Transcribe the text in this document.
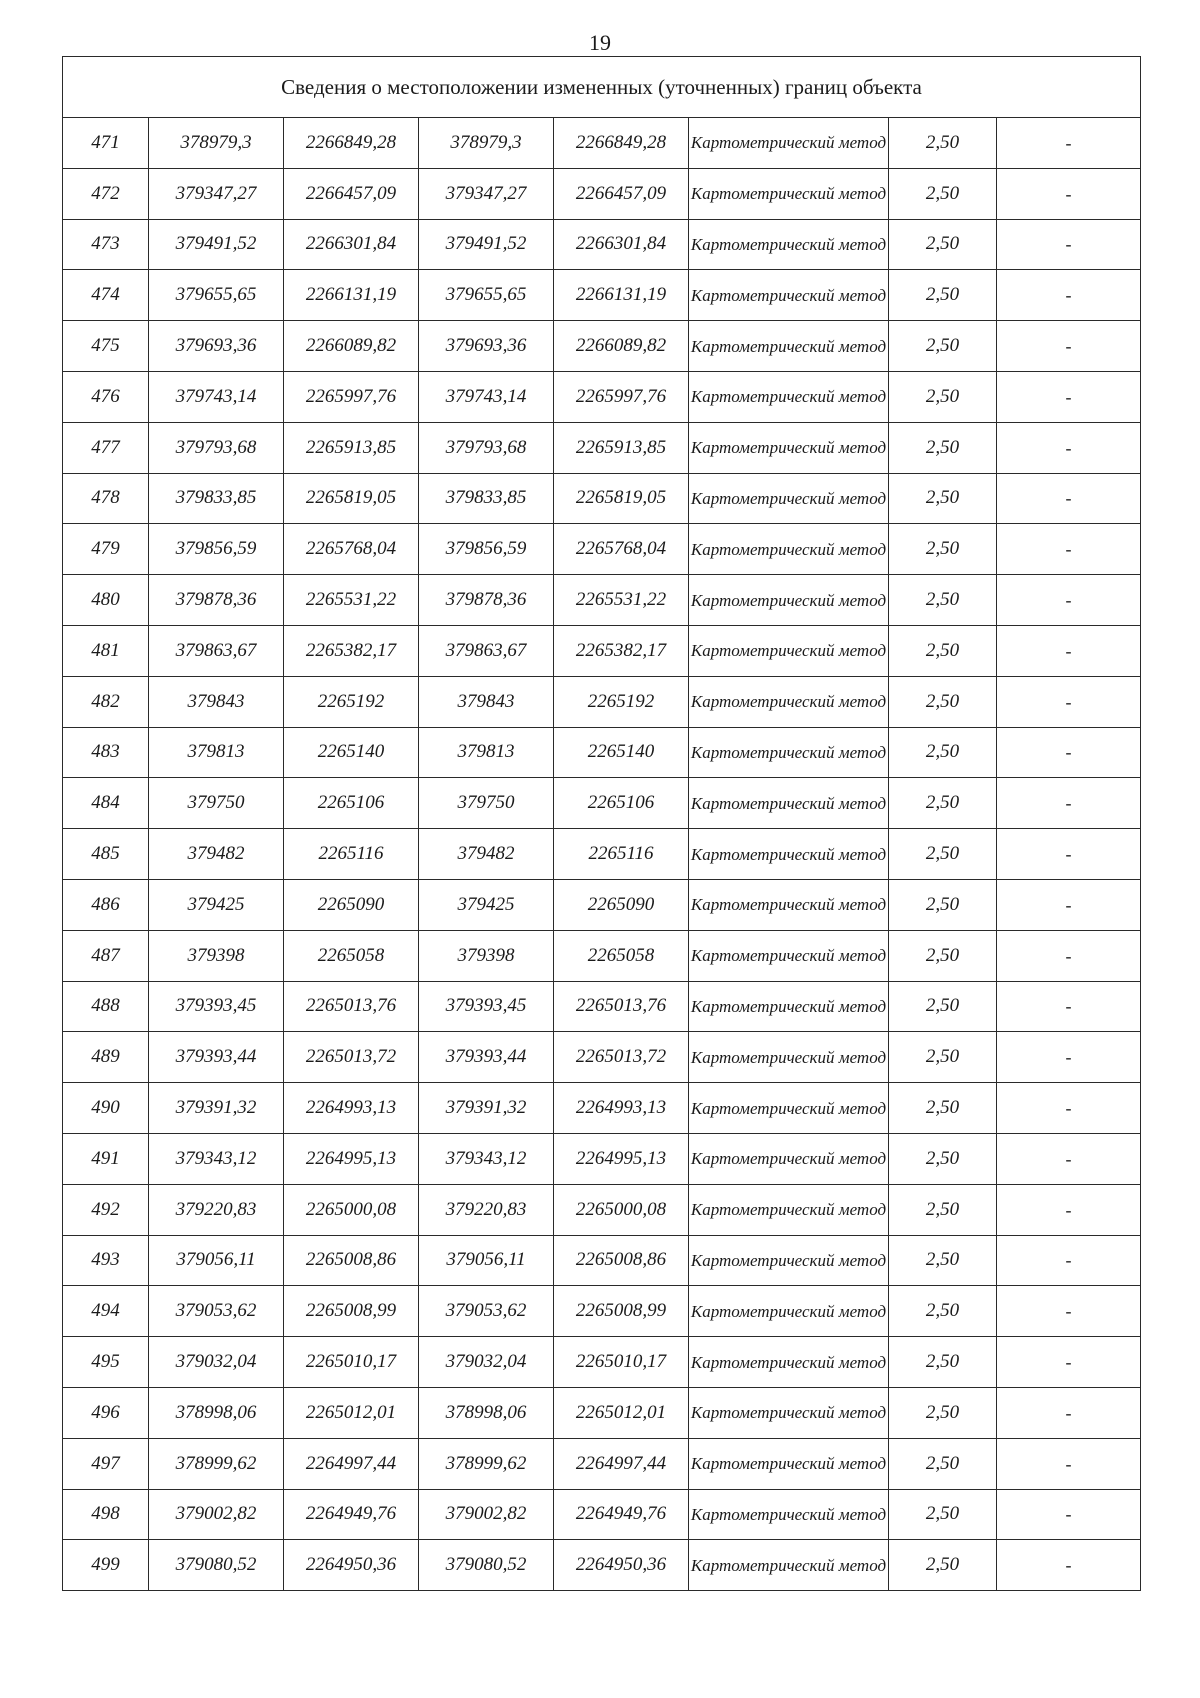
19
Сведения о местоположении измененных (уточненных) границ объекта							
471	378979,3	2266849,28	378979,3	2266849,28	Картометрический метод	2,50	-
472	379347,27	2266457,09	379347,27	2266457,09	Картометрический метод	2,50	-
473	379491,52	2266301,84	379491,52	2266301,84	Картометрический метод	2,50	-
474	379655,65	2266131,19	379655,65	2266131,19	Картометрический метод	2,50	-
475	379693,36	2266089,82	379693,36	2266089,82	Картометрический метод	2,50	-
476	379743,14	2265997,76	379743,14	2265997,76	Картометрический метод	2,50	-
477	379793,68	2265913,85	379793,68	2265913,85	Картометрический метод	2,50	-
478	379833,85	2265819,05	379833,85	2265819,05	Картометрический метод	2,50	-
479	379856,59	2265768,04	379856,59	2265768,04	Картометрический метод	2,50	-
480	379878,36	2265531,22	379878,36	2265531,22	Картометрический метод	2,50	-
481	379863,67	2265382,17	379863,67	2265382,17	Картометрический метод	2,50	-
482	379843	2265192	379843	2265192	Картометрический метод	2,50	-
483	379813	2265140	379813	2265140	Картометрический метод	2,50	-
484	379750	2265106	379750	2265106	Картометрический метод	2,50	-
485	379482	2265116	379482	2265116	Картометрический метод	2,50	-
486	379425	2265090	379425	2265090	Картометрический метод	2,50	-
487	379398	2265058	379398	2265058	Картометрический метод	2,50	-
488	379393,45	2265013,76	379393,45	2265013,76	Картометрический метод	2,50	-
489	379393,44	2265013,72	379393,44	2265013,72	Картометрический метод	2,50	-
490	379391,32	2264993,13	379391,32	2264993,13	Картометрический метод	2,50	-
491	379343,12	2264995,13	379343,12	2264995,13	Картометрический метод	2,50	-
492	379220,83	2265000,08	379220,83	2265000,08	Картометрический метод	2,50	-
493	379056,11	2265008,86	379056,11	2265008,86	Картометрический метод	2,50	-
494	379053,62	2265008,99	379053,62	2265008,99	Картометрический метод	2,50	-
495	379032,04	2265010,17	379032,04	2265010,17	Картометрический метод	2,50	-
496	378998,06	2265012,01	378998,06	2265012,01	Картометрический метод	2,50	-
497	378999,62	2264997,44	378999,62	2264997,44	Картометрический метод	2,50	-
498	379002,82	2264949,76	379002,82	2264949,76	Картометрический метод	2,50	-
499	379080,52	2264950,36	379080,52	2264950,36	Картометрический метод	2,50	-
